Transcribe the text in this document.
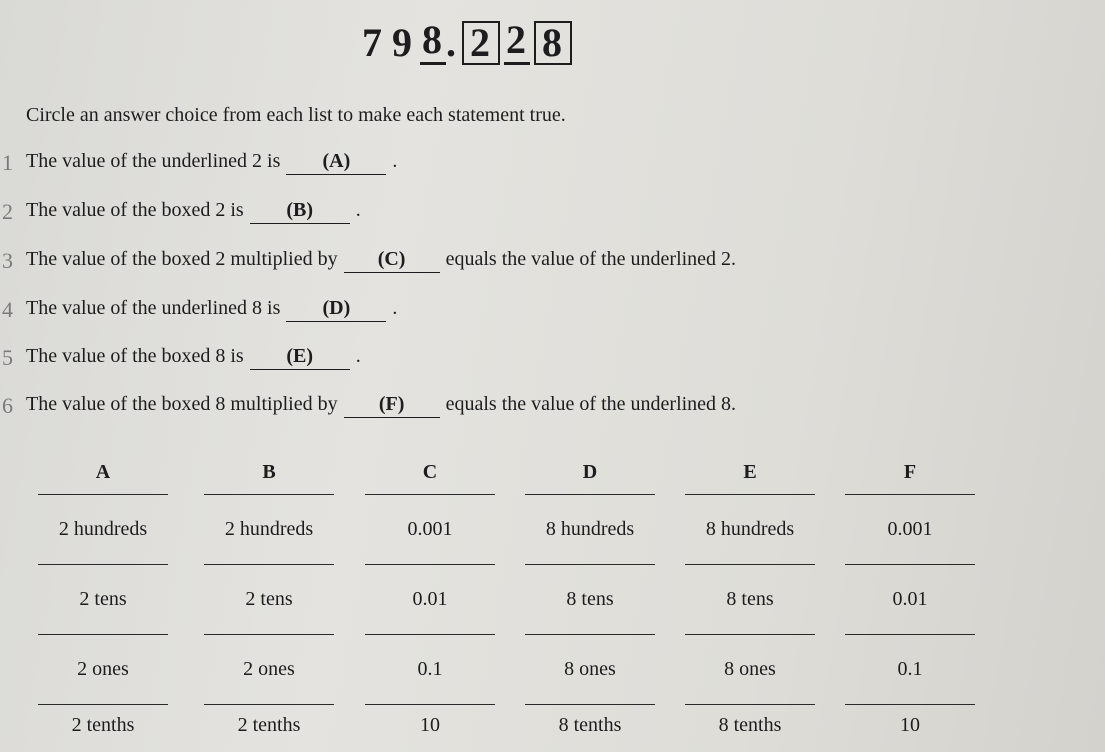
7 9 8 . 2 2 8
Circle an answer choice from each list to make each statement true.
1 The value of the underlined 2 is (A) .
2 The value of the boxed 2 is (B) .
3 The value of the boxed 2 multiplied by (C) equals the value of the underlined 2.
4 The value of the underlined 8 is (D) .
5 The value of the boxed 8 is (E) .
6 The value of the boxed 8 multiplied by (F) equals the value of the underlined 8.
A
2 hundreds
2 tens
2 ones
2 tenths
B
2 hundreds
2 tens
2 ones
2 tenths
C
0.001
0.01
0.1
10
D
8 hundreds
8 tens
8 ones
8 tenths
E
8 hundreds
8 tens
8 ones
8 tenths
F
0.001
0.01
0.1
10
